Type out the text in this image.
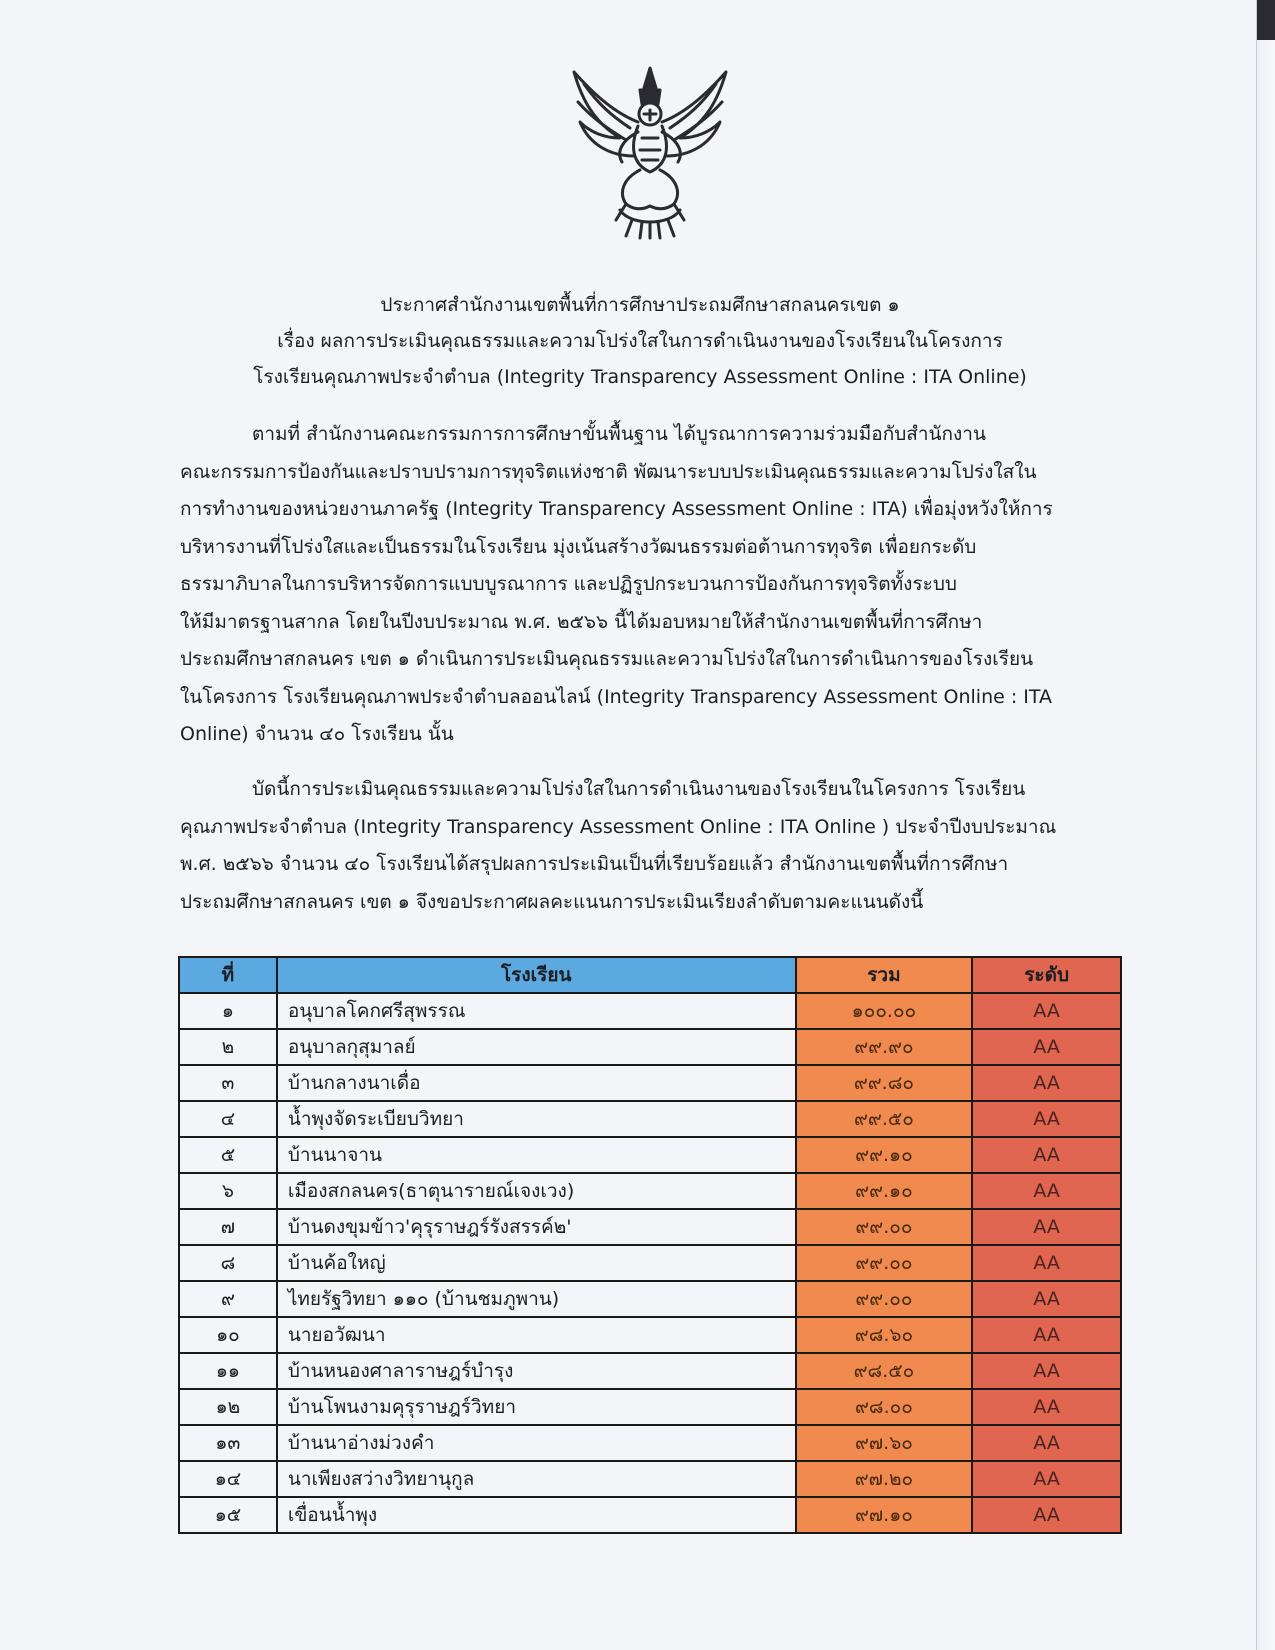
ประกาศสำนักงานเขตพื้นที่การศึกษาประถมศึกษาสกลนครเขต ๑
เรื่อง ผลการประเมินคุณธรรมและความโปร่งใสในการดำเนินงานของโรงเรียนในโครงการ
โรงเรียนคุณภาพประจำตำบล (Integrity Transparency Assessment Online : ITA Online)
ตามที่ สำนักงานคณะกรรมการการศึกษาขั้นพื้นฐาน ได้บูรณาการความร่วมมือกับสำนักงาน
คณะกรรมการป้องกันและปราบปรามการทุจริตแห่งชาติ พัฒนาระบบประเมินคุณธรรมและความโปร่งใสใน
การทำงานของหน่วยงานภาครัฐ (Integrity Transparency Assessment Online : ITA) เพื่อมุ่งหวังให้การ
บริหารงานที่โปร่งใสและเป็นธรรมในโรงเรียน มุ่งเน้นสร้างวัฒนธรรมต่อต้านการทุจริต เพื่อยกระดับ
ธรรมาภิบาลในการบริหารจัดการแบบบูรณาการ และปฏิรูปกระบวนการป้องกันการทุจริตทั้งระบบ
ให้มีมาตรฐานสากล โดยในปีงบประมาณ พ.ศ. ๒๕๖๖ นี้ได้มอบหมายให้สำนักงานเขตพื้นที่การศึกษา
ประถมศึกษาสกลนคร เขต ๑ ดำเนินการประเมินคุณธรรมและความโปร่งใสในการดำเนินการของโรงเรียน
ในโครงการ โรงเรียนคุณภาพประจำตำบลออนไลน์ (Integrity Transparency Assessment Online : ITA
Online) จำนวน ๔๐ โรงเรียน นั้น
บัดนี้การประเมินคุณธรรมและความโปร่งใสในการดำเนินงานของโรงเรียนในโครงการ โรงเรียน
คุณภาพประจำตำบล (Integrity Transparency Assessment Online : ITA Online ) ประจำปีงบประมาณ
พ.ศ. ๒๕๖๖ จำนวน ๔๐ โรงเรียนได้สรุปผลการประเมินเป็นที่เรียบร้อยแล้ว สำนักงานเขตพื้นที่การศึกษา
ประถมศึกษาสกลนคร เขต ๑ จึงขอประกาศผลคะแนนการประเมินเรียงลำดับตามคะแนนดังนี้
ที่	โรงเรียน	รวม	ระดับ
๑	อนุบาลโคกศรีสุพรรณ	๑๐๐.๐๐	AA
๒	อนุบาลกุสุมาลย์	๙๙.๙๐	AA
๓	บ้านกลางนาเดื่อ	๙๙.๘๐	AA
๔	น้ำพุงจัดระเบียบวิทยา	๙๙.๕๐	AA
๕	บ้านนาจาน	๙๙.๑๐	AA
๖	เมืองสกลนคร(ธาตุนารายณ์เจงเวง)	๙๙.๑๐	AA
๗	บ้านดงขุมข้าว'คุรุราษฎร์รังสรรค์๒'	๙๙.๐๐	AA
๘	บ้านค้อใหญ่	๙๙.๐๐	AA
๙	ไทยรัฐวิทยา ๑๑๐ (บ้านชมภูพาน)	๙๙.๐๐	AA
๑๐	นายอวัฒนา	๙๘.๖๐	AA
๑๑	บ้านหนองศาลาราษฎร์บำรุง	๙๘.๕๐	AA
๑๒	บ้านโพนงามคุรุราษฎร์วิทยา	๙๘.๐๐	AA
๑๓	บ้านนาอ่างม่วงคำ	๙๗.๖๐	AA
๑๔	นาเพียงสว่างวิทยานุกูล	๙๗.๒๐	AA
๑๕	เขื่อนน้ำพุง	๙๗.๑๐	AA
